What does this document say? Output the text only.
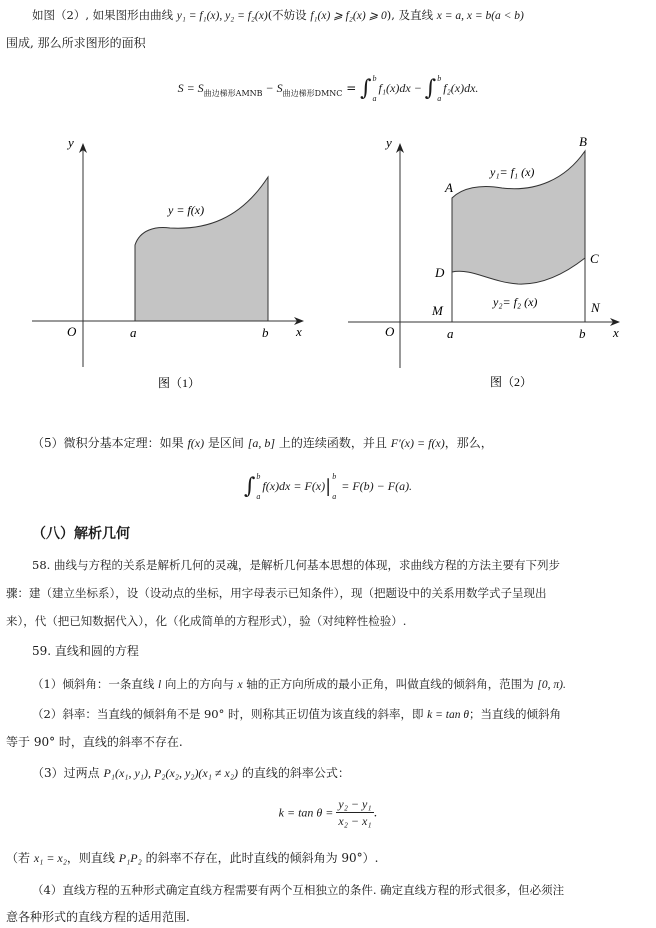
如图（2）, 如果图形由曲线 y₁ = f₁(x), y₂ = f₂(x)(不妨设 f₁(x) ⩾ f₂(x) ⩾ 0), 及直线 x = a, x = b(a < b)
围成, 那么所求图形的面积
$S = S_{曲边梯形AMNB} - S_{曲边梯形DMNC}$ = ∫ b
a
f₁(x)dx − ∫ b
a
f₂(x)dx.
y
x
O	a	b
y = f(x)
图（1）
y
x
O	a	b
A
B
C
D
M	N
y₁= f₁ (x)
y₂= f₂ (x)
图（2）
（5）微积分基本定理：如果 f(x) 是区间 [a, b] 上的连续函数，并且 F′(x) = f(x)，那么，
∫ b
a
f(x)dx = F(x) | b
a
= F(b) − F(a).
（八）解析几何
58. 曲线与方程的关系是解析几何的灵魂，是解析几何基本思想的体现，求曲线方程的方法主要有下列步
骤：建（建立坐标系），设（设动点的坐标，用字母表示已知条件），现（把题设中的关系用数学式子呈现出
来），代（把已知数据代入），化（化成简单的方程形式），验（对纯粹性检验）.
59. 直线和圆的方程
（1）倾斜角：一条直线 l 向上的方向与 x 轴的正方向所成的最小正角，叫做直线的倾斜角，范围为 [0, π).
（2）斜率：当直线的倾斜角不是 90° 时，则称其正切值为该直线的斜率，即 k = tan θ；当直线的倾斜角
等于 90° 时，直线的斜率不存在.
（3）过两点 P₁(x₁, y₁), P₂(x₂, y₂)(x₁ ≠ x₂) 的直线的斜率公式：
$k = \tan \theta = \frac{\text{y₂ − y₁}}{\text{x₂ − x₁}}$ .
（若 x₁ = x₂，则直线 P₁P₂ 的斜率不存在，此时直线的倾斜角为 90°）.
（4）直线方程的五种形式确定直线方程需要有两个互相独立的条件. 确定直线方程的形式很多，但必须注
意各种形式的直线方程的适用范围.
